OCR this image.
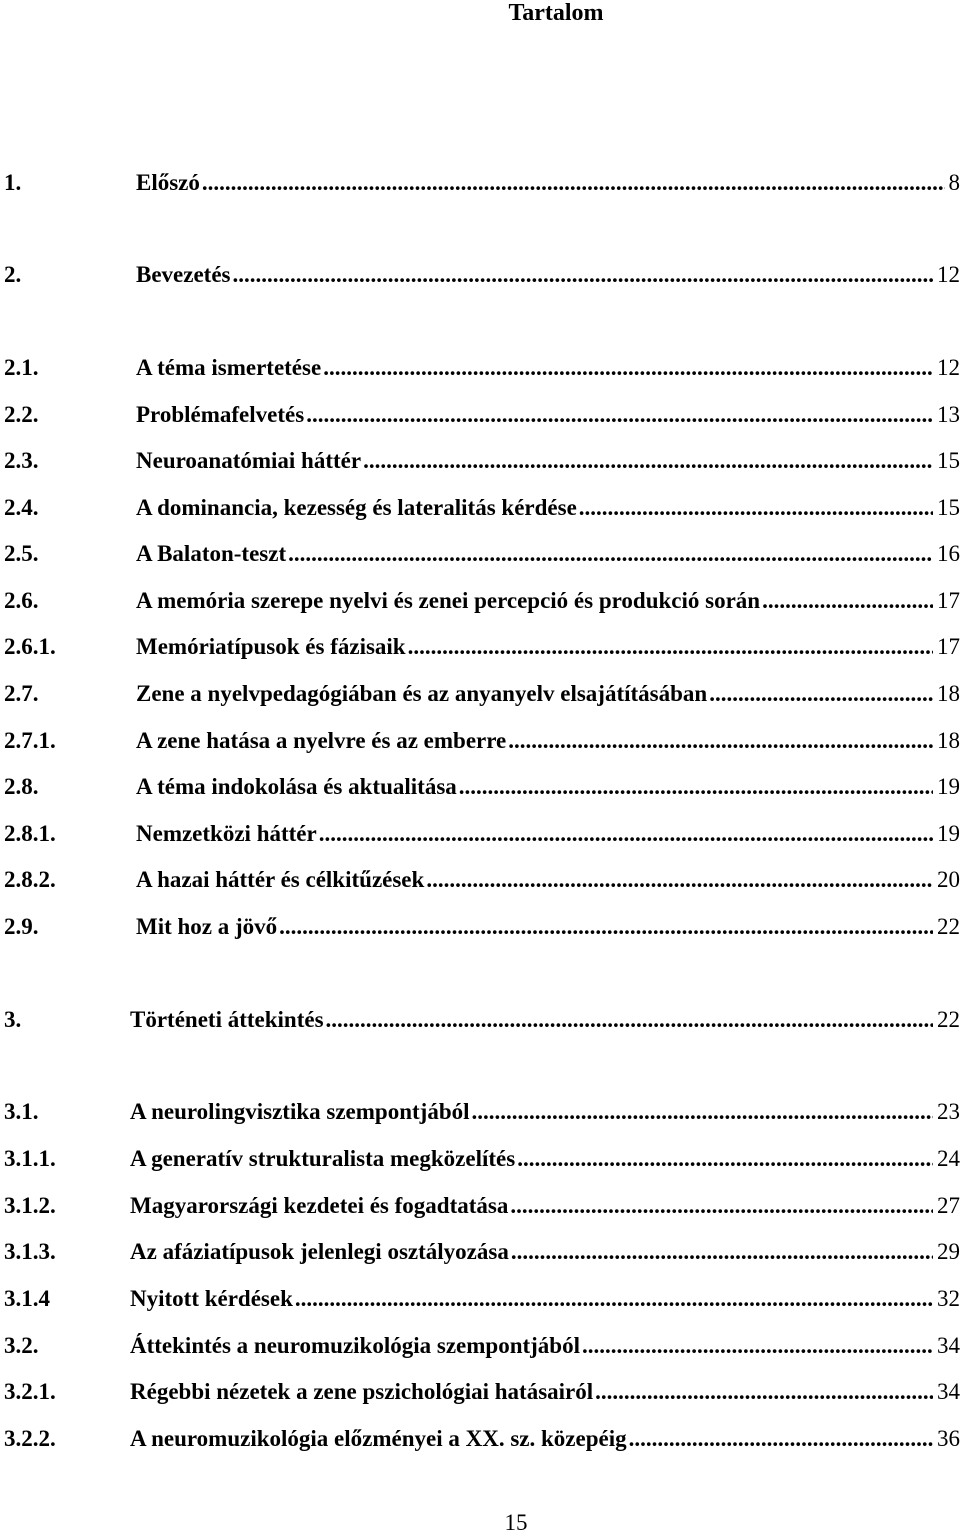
Tartalom
1.	Előszó .....	8
2.	Bevezetés .....	12
2.1.	A téma ismertetése .....	12
2.2.	Problémafelvetés .....	13
2.3.	Neuroanatómiai háttér .....	15
2.4.	A dominancia, kezesség és lateralitás kérdése .....	15
2.5.	A Balaton-teszt .....	16
2.6.	A memória szerepe nyelvi és zenei percepció és produkció során .....	17
2.6.1.	Memóriatípusok és fázisaik .....	17
2.7.	Zene a nyelvpedagógiában és az anyanyelv elsajátításában .....	18
2.7.1.	A zene hatása a nyelvre és az emberre .....	18
2.8.	A téma indokolása és aktualitása .....	19
2.8.1.	Nemzetközi háttér .....	19
2.8.2.	A hazai háttér és célkitűzések .....	20
2.9.	Mit hoz a jövő .....	22
3.	Történeti áttekintés .....	22
3.1.	A neurolingvisztika szempontjából .....	23
3.1.1.	A generatív strukturalista megközelítés .....	24
3.1.2.	Magyarországi kezdetei és fogadtatása .....	27
3.1.3.	Az afáziatípusok jelenlegi osztályozása .....	29
3.1.4	Nyitott kérdések .....	32
3.2.	Áttekintés a neuromuzikológia szempontjából .....	34
3.2.1.	Régebbi nézetek a zene pszichológiai hatásairól .....	34
3.2.2.	A neuromuzikológia előzményei a XX. sz. közepéig .....	36
15
